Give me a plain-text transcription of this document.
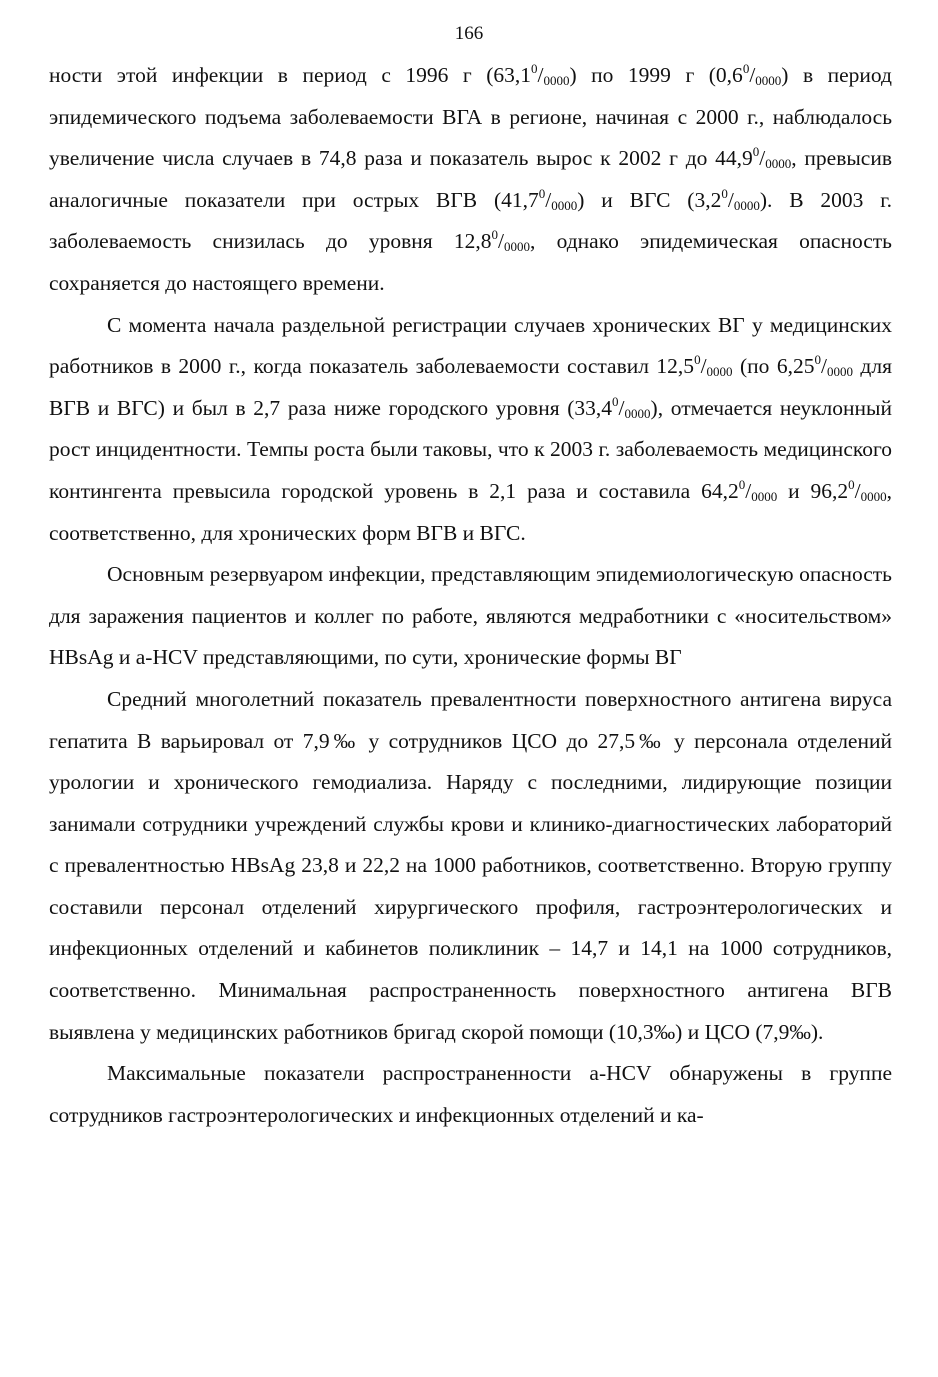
166

ности этой инфекции в период с 1996 г $(63,1^0/_{0000})$ по 1999 г $(0,6^0/_{0000})$ в период эпидемического подъема заболеваемости ВГА в регионе, начиная с 2000 г., наблюдалось увеличение числа случаев в 74,8 раза и показатель вырос к 2002 г до $44,9^0/_{0000}$, превысив аналогичные показатели при острых ВГВ $(41,7^0/_{0000})$ и ВГС $(3,2^0/_{0000})$. В 2003 г. заболеваемость снизилась до уровня $12,8^0/_{0000}$, однако эпидемическая опасность сохраняется до настоящего времени.

С момента начала раздельной регистрации случаев хронических ВГ у медицинских работников в 2000 г., когда показатель заболеваемости составил $12,5^0/_{0000}$ (по $6,25^0/_{0000}$ для ВГВ и ВГС) и был в 2,7 раза ниже городского уровня $(33,4^0/_{0000})$, отмечается неуклонный рост инцидентности. Темпы роста были таковы, что к 2003 г. заболеваемость медицинского контингента превысила городской уровень в 2,1 раза и составила $64,2^0/_{0000}$ и $96,2^0/_{0000}$, соответственно, для хронических форм ВГВ и ВГС.

Основным резервуаром инфекции, представляющим эпидемиологическую опасность для заражения пациентов и коллег по работе, являются медработники с «носительством» HBsAg и a-HCV представляющими, по сути, хронические формы ВГ

Средний многолетний показатель превалентности поверхностного антигена вируса гепатита В варьировал от 7,9‰ у сотрудников ЦСО до 27,5‰ у персонала отделений урологии и хронического гемодиализа. Наряду с последними, лидирующие позиции занимали сотрудники учреждений службы крови и клинико-диагностических лабораторий с превалентностью HBsAg 23,8 и 22,2 на 1000 работников, соответственно. Вторую группу составили персонал отделений хирургического профиля, гастроэнтерологических и инфекционных отделений и кабинетов поликлиник – 14,7 и 14,1 на 1000 сотрудников, соответственно. Минимальная распространенность поверхностного антигена ВГВ выявлена у медицинских работников бригад скорой помощи (10,3‰) и ЦСО (7,9‰).

Максимальные показатели распространенности a-HCV обнаружены в группе сотрудников гастроэнтерологических и инфекционных отделений и ка-
